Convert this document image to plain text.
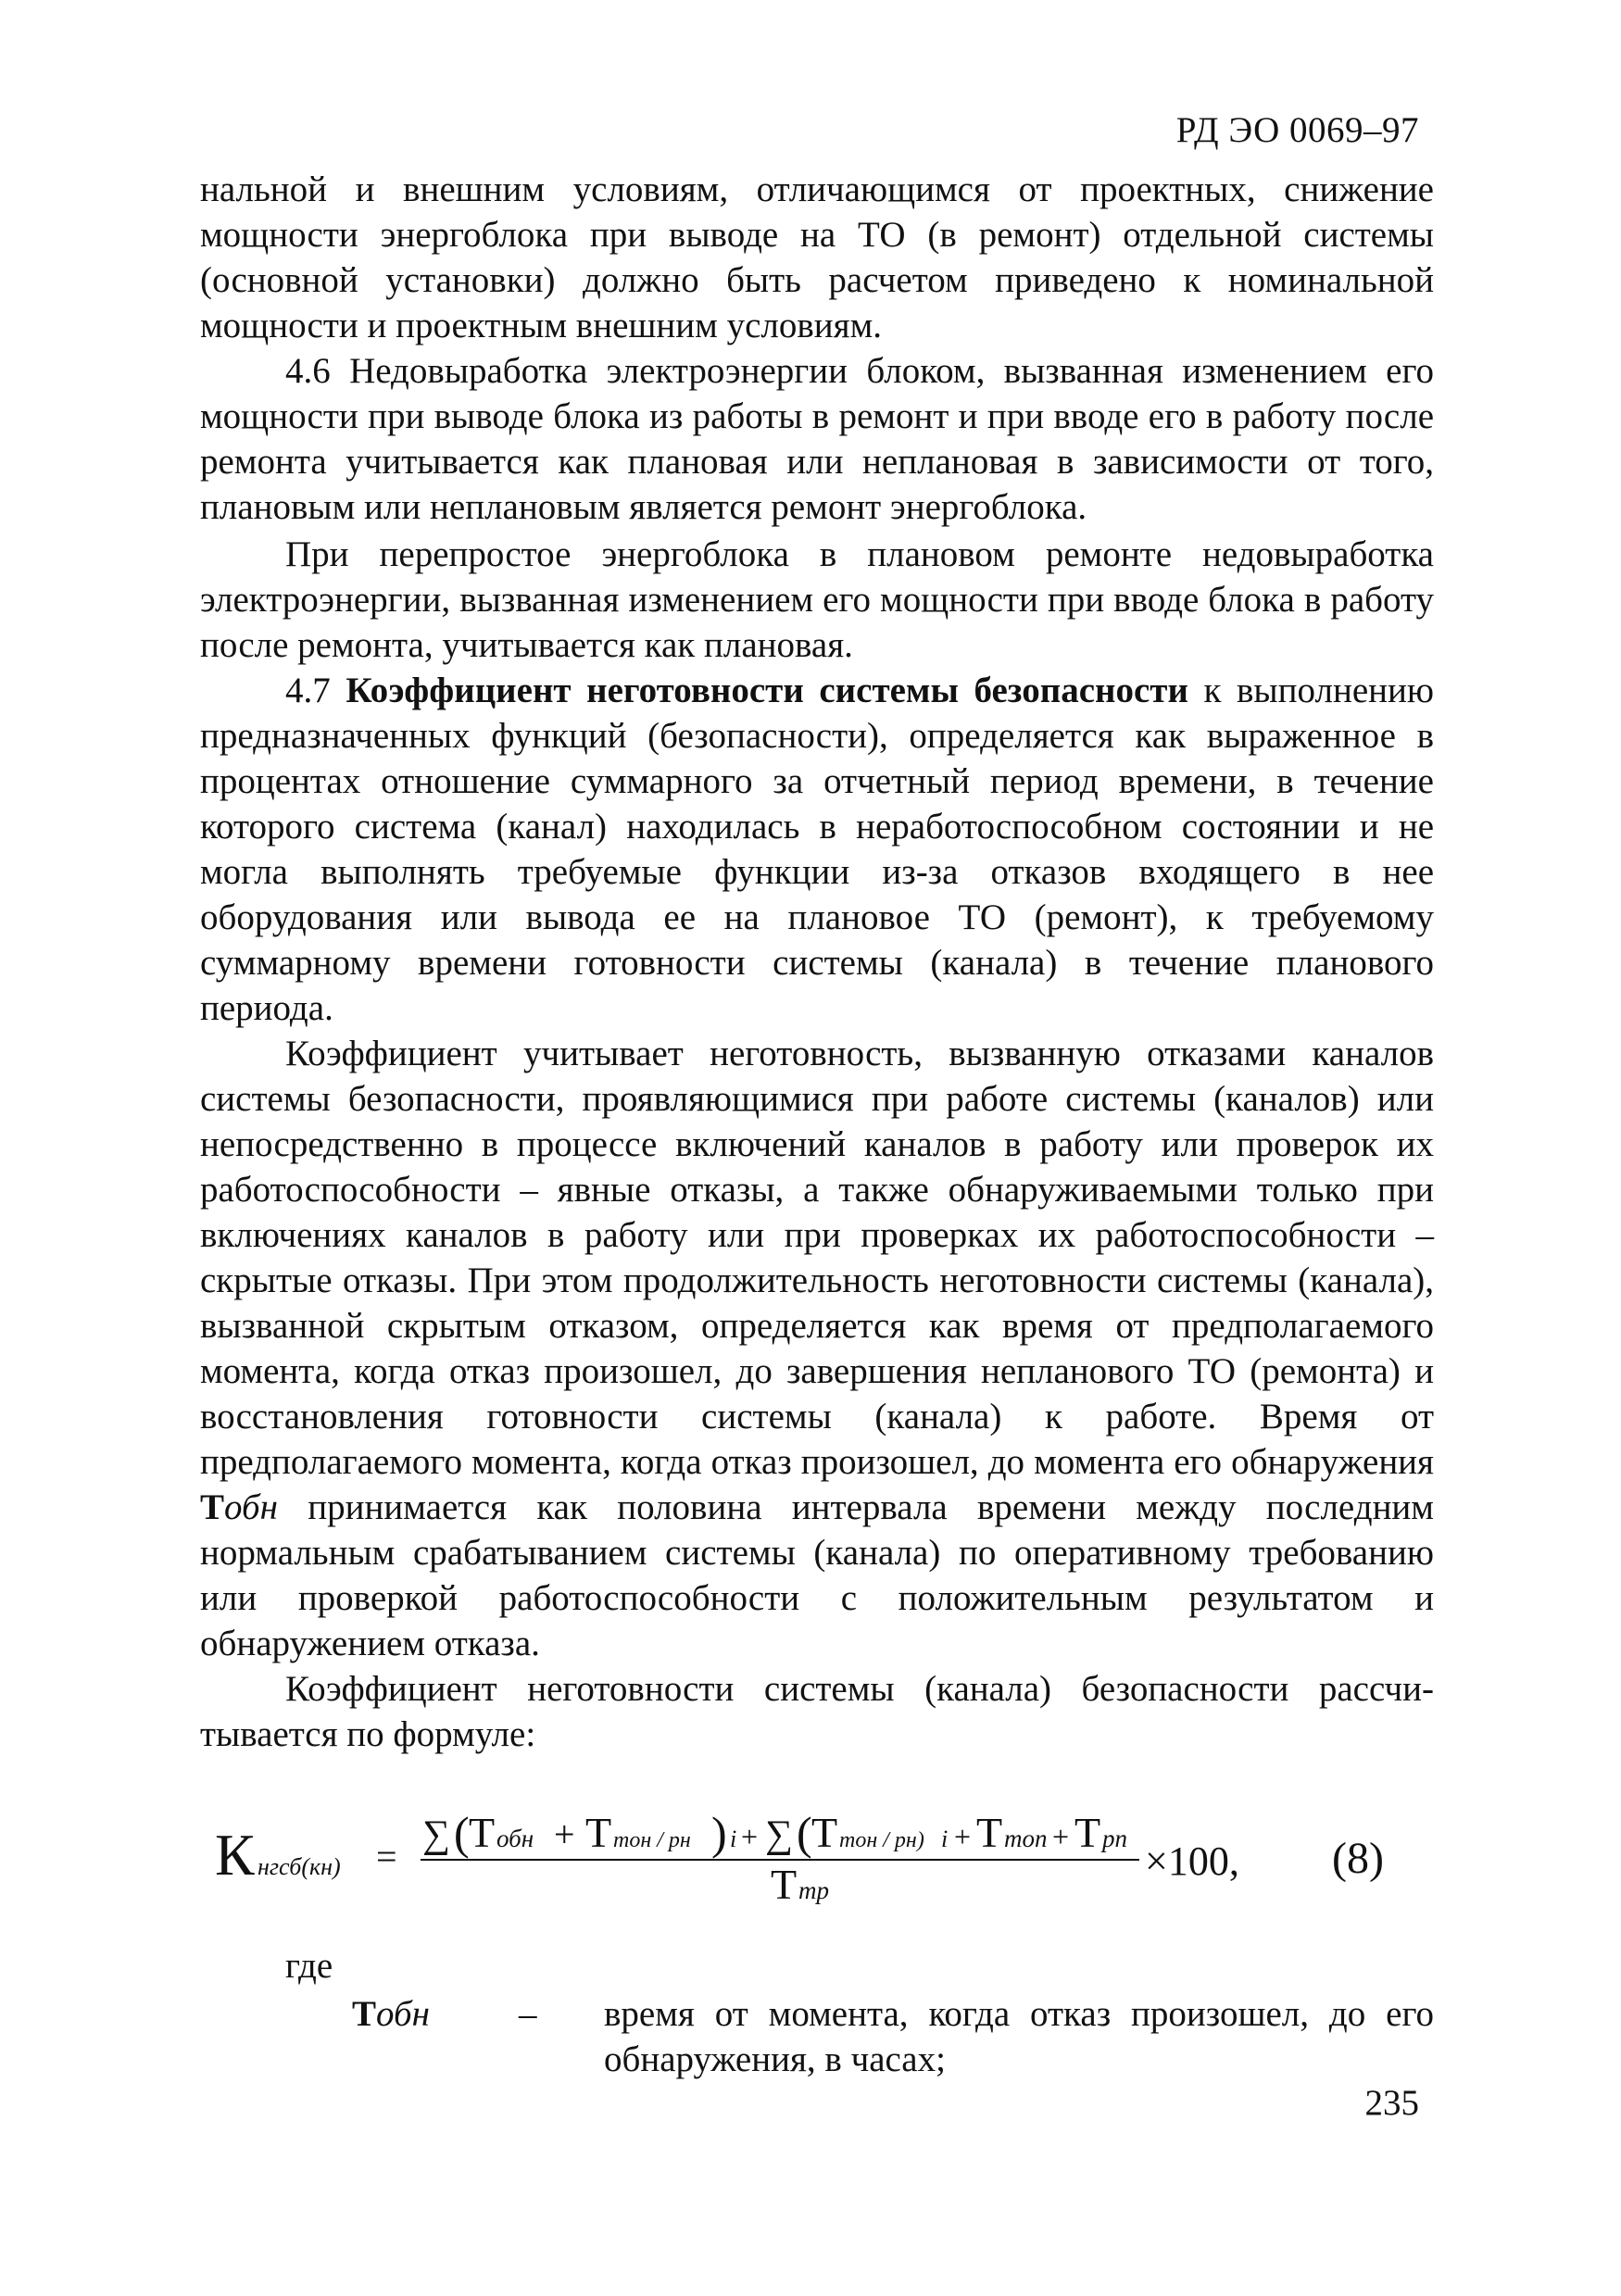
РД ЭО 0069–97

нальной и внешним условиям, отличающимся от проектных, снижение мощности энергоблока при выводе на ТО (в ремонт) отдельной системы (основной установки) должно быть расчетом приведено к номинальной мощности и проектным внешним условиям.

4.6 Недовыработка электроэнергии блоком, вызванная изменением его мощности при выводе блока из работы в ремонт и при вводе его в работу после ремонта учитывается как плановая или неплановая в зависимости от того, плановым или неплановым является ремонт энергоблока.

При перепростое энергоблока в плановом ремонте недовыработка электроэнергии, вызванная изменением его мощности при вводе блока в работу после ремонта, учитывается как плановая.

4.7 Коэффициент неготовности системы безопасности к выполнению предназначенных функций (безопасности), определяется как выраженное в процентах отношение суммарного за отчетный период времени, в течение которого система (канал) находилась в неработоспособном состоянии и не могла выполнять требуемые функции из-за отказов входящего в нее оборудования или вывода ее на плановое ТО (ремонт), к требуемому суммарному времени готовности системы (канала) в течение планового периода.

Коэффициент учитывает неготовность, вызванную отказами каналов системы безопасности, проявляющимися при работе системы (каналов) или непосредственно в процессе включений каналов в работу или проверок их работоспособности – явные отказы, а также обнаруживаемыми только при включениях каналов в работу или при проверках их работоспособности – скрытые отказы. При этом продолжительность неготовности системы (канала), вызванной скрытым отказом, определяется как время от предполагаемого момента, когда отказ произошел, до завершения непланового ТО (ремонта) и восстановления готовности системы (канала) к работе. Время от предполагаемого момента, когда отказ произошел, до момента его обнаружения Тобн принимается как половина интервала времени между последним нормальным срабатыванием системы (канала) по оперативному требованию или проверкой работоспособности с положительным результатом и обнаружением отказа.

Коэффициент неготовности системы (канала) безопасности рассчитывается по формуле:

К нгсб(кн) =
∑ ( Т обн + Т тон / рн ) i + ∑ ( Т тон / рн) i + Т топ + Т рп
Т тр
×100, (8)
где
Тобн – время от момента, когда отказ произошел, до его обнаружения, в часах;
235
